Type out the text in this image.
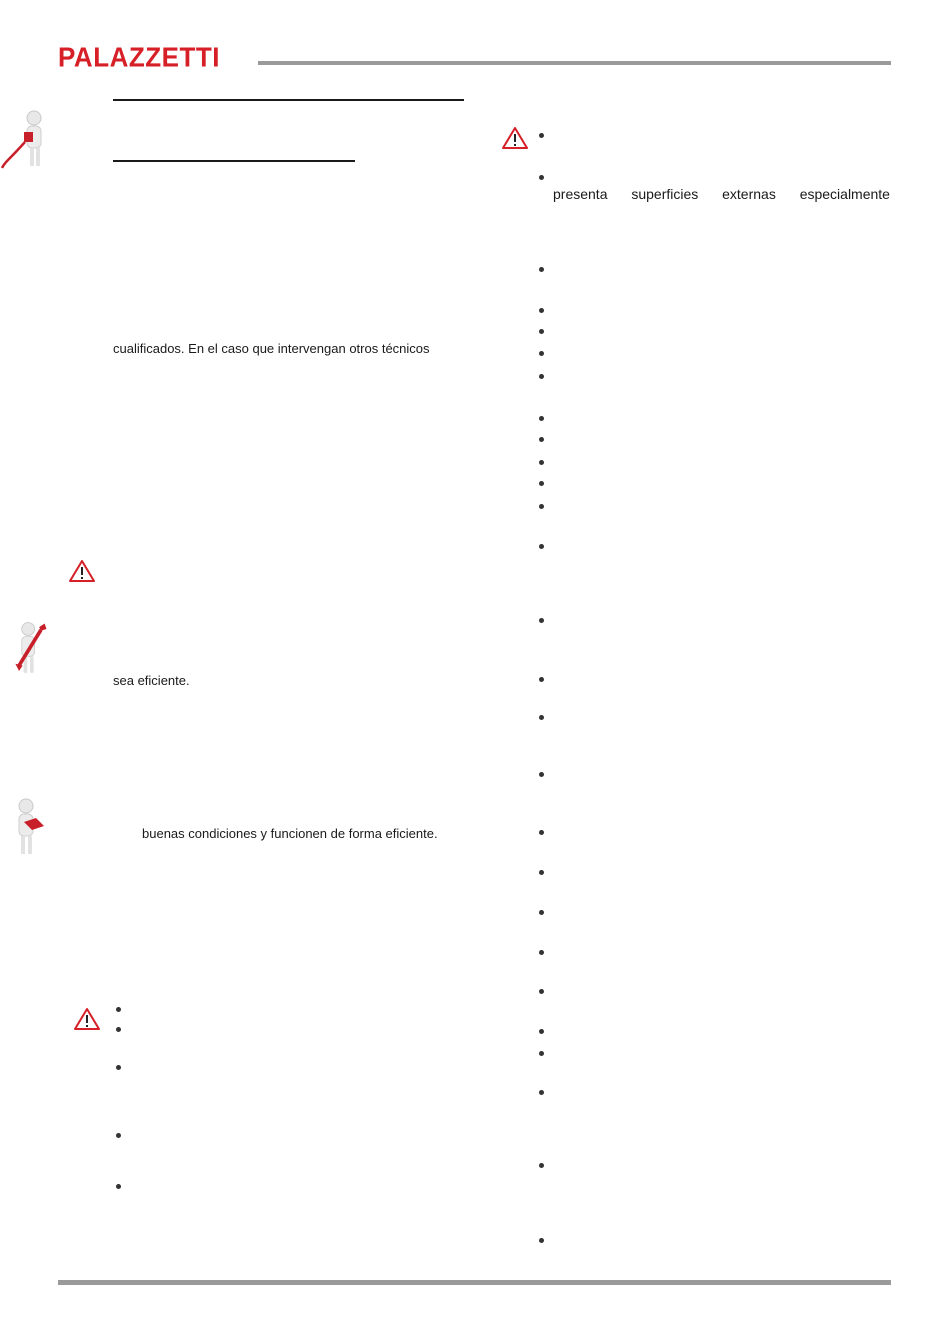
PALAZZETTI
cualificados. En el caso que intervengan otros técnicos
sea eficiente.
buenas condiciones y funcionen de forma eficiente.
presenta superficies externas especialmente
